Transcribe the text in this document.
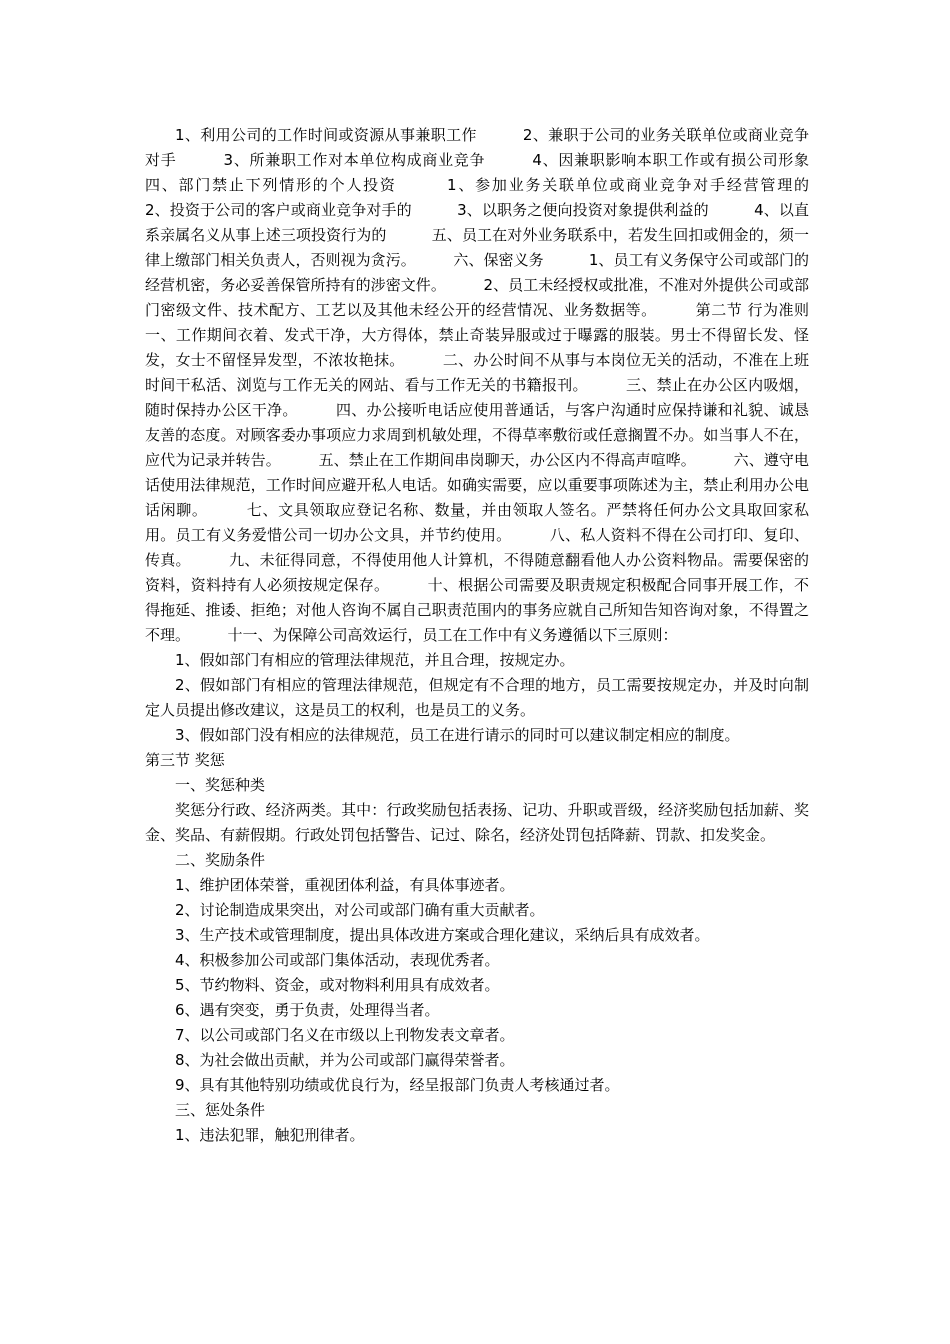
1、利用公司的工作时间或资源从事兼职工作　　　2、兼职于公司的业务关联单位或商业竞争对手　　　3、所兼职工作对本单位构成商业竞争　　　4、因兼职影响本职工作或有损公司形象　　　四、部门禁止下列情形的个人投资　　　1、参加业务关联单位或商业竞争对手经营管理的　　　2、投资于公司的客户或商业竞争对手的　　　3、以职务之便向投资对象提供利益的　　　4、以直系亲属名义从事上述三项投资行为的　　　五、员工在对外业务联系中，若发生回扣或佣金的，须一律上缴部门相关负责人，否则视为贪污。　　　六、保密义务　　　1、员工有义务保守公司或部门的经营机密，务必妥善保管所持有的涉密文件。　　　2、员工未经授权或批准，不准对外提供公司或部门密级文件、技术配方、工艺以及其他未经公开的经营情况、业务数据等。　　　第二节 行为准则　　　一、工作期间衣着、发式干净，大方得体，禁止奇装异服或过于曝露的服装。男士不得留长发、怪发，女士不留怪异发型，不浓妆艳抹。　　　二、办公时间不从事与本岗位无关的活动，不准在上班时间干私活、浏览与工作无关的网站、看与工作无关的书籍报刊。　　　三、禁止在办公区内吸烟，随时保持办公区干净。　　　四、办公接听电话应使用普通话，与客户沟通时应保持谦和礼貌、诚恳友善的态度。对顾客委办事项应力求周到机敏处理，不得草率敷衍或任意搁置不办。如当事人不在，应代为记录并转告。　　　五、禁止在工作期间串岗聊天，办公区内不得高声喧哗。　　　六、遵守电话使用法律规范，工作时间应避开私人电话。如确实需要，应以重要事项陈述为主，禁止利用办公电话闲聊。　　　七、文具领取应登记名称、数量，并由领取人签名。严禁将任何办公文具取回家私用。员工有义务爱惜公司一切办公文具，并节约使用。　　　八、私人资料不得在公司打印、复印、传真。　　　九、未征得同意，不得使用他人计算机，不得随意翻看他人办公资料物品。需要保密的资料，资料持有人必须按规定保存。　　　十、根据公司需要及职责规定积极配合同事开展工作，不得拖延、推诿、拒绝；对他人咨询不属自己职责范围内的事务应就自己所知告知咨询对象，不得置之不理。　　　十一、为保障公司高效运行，员工在工作中有义务遵循以下三原则：

1、假如部门有相应的管理法律规范，并且合理，按规定办。

2、假如部门有相应的管理法律规范，但规定有不合理的地方，员工需要按规定办，并及时向制定人员提出修改建议，这是员工的权利，也是员工的义务。

3、假如部门没有相应的法律规范，员工在进行请示的同时可以建议制定相应的制度。

第三节 奖惩

一、奖惩种类

奖惩分行政、经济两类。其中：行政奖励包括表扬、记功、升职或晋级，经济奖励包括加薪、奖金、奖品、有薪假期。行政处罚包括警告、记过、除名，经济处罚包括降薪、罚款、扣发奖金。

二、奖励条件

1、维护团体荣誉，重视团体利益，有具体事迹者。

2、讨论制造成果突出，对公司或部门确有重大贡献者。

3、生产技术或管理制度，提出具体改进方案或合理化建议，采纳后具有成效者。

4、积极参加公司或部门集体活动，表现优秀者。

5、节约物料、资金，或对物料利用具有成效者。

6、遇有突变，勇于负责，处理得当者。

7、以公司或部门名义在市级以上刊物发表文章者。

8、为社会做出贡献，并为公司或部门赢得荣誉者。

9、具有其他特别功绩或优良行为，经呈报部门负责人考核通过者。

三、惩处条件

1、违法犯罪，触犯刑律者。
